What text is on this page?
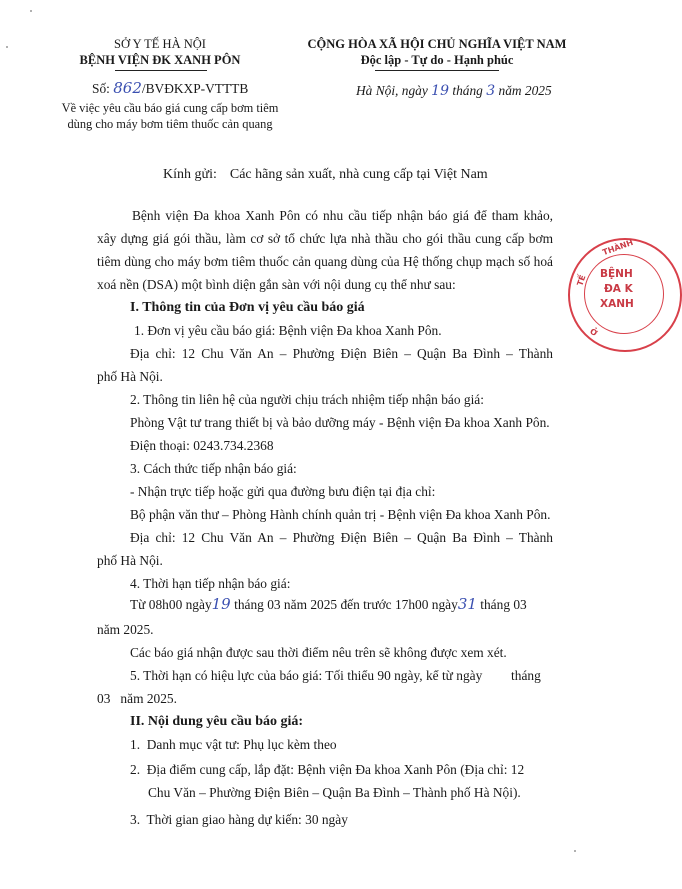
SỞ Y TẾ HÀ NỘI
BỆNH VIỆN ĐK XANH PÔN
Số: 862/BVĐKXP-VTTTB
Về việc yêu cầu báo giá cung cấp bơm tiêm
dùng cho máy bơm tiêm thuốc cản quang
CỘNG HÒA XÃ HỘI CHỦ NGHĨA VIỆT NAM
Độc lập - Tự do - Hạnh phúc
Hà Nội, ngày 19 tháng 3 năm 2025
Kính gửi: Các hãng sản xuất, nhà cung cấp tại Việt Nam
Bệnh viện Đa khoa Xanh Pôn có nhu cầu tiếp nhận báo giá để tham khảo,
xây dựng giá gói thầu, làm cơ sở tổ chức lựa nhà thầu cho gói thầu cung cấp bơm
tiêm dùng cho máy bơm tiêm thuốc cản quang dùng của Hệ thống chụp mạch số hoá
xoá nền (DSA) một bình diện gắn sàn với nội dung cụ thể như sau:
I. Thông tin của Đơn vị yêu cầu báo giá
1. Đơn vị yêu cầu báo giá: Bệnh viện Đa khoa Xanh Pôn.
Địa chỉ: 12 Chu Văn An – Phường Điện Biên – Quận Ba Đình – Thành
phố Hà Nội.
2. Thông tin liên hệ của người chịu trách nhiệm tiếp nhận báo giá:
Phòng Vật tư trang thiết bị và bảo dưỡng máy - Bệnh viện Đa khoa Xanh Pôn.
Điện thoại: 0243.734.2368
3. Cách thức tiếp nhận báo giá:
- Nhận trực tiếp hoặc gửi qua đường bưu điện tại địa chỉ:
Bộ phận văn thư – Phòng Hành chính quản trị - Bệnh viện Đa khoa Xanh Pôn.
Địa chỉ: 12 Chu Văn An – Phường Điện Biên – Quận Ba Đình – Thành
phố Hà Nội.
4. Thời hạn tiếp nhận báo giá:
Từ 08h00 ngày19 tháng 03 năm 2025 đến trước 17h00 ngày31 tháng 03
năm 2025.
Các báo giá nhận được sau thời điểm nêu trên sẽ không được xem xét.
5. Thời hạn có hiệu lực của báo giá: Tối thiểu 90 ngày, kể từ ngày tháng
03   năm 2025.
II. Nội dung yêu cầu báo giá:
1.  Danh mục vật tư: Phụ lục kèm theo
2.  Địa điểm cung cấp, lắp đặt: Bệnh viện Đa khoa Xanh Pôn (Địa chỉ: 12
Chu Văn – Phường Điện Biên – Quận Ba Đình – Thành phố Hà Nội).
3.  Thời gian giao hàng dự kiến: 30 ngày
TẾ
THÀNH
Ở
BỆNH
ĐA K
XANH
